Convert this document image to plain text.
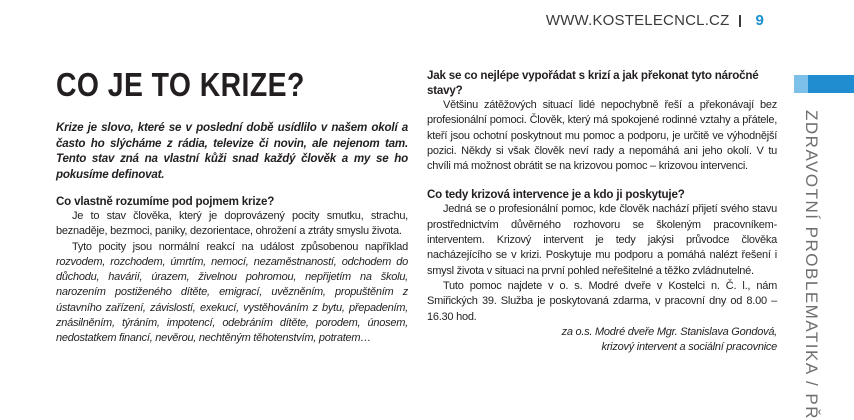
WWW.KOSTELECNCL.CZ 9
CO JE TO KRIZE?

Krize je slovo, které se v poslední době usídlilo v našem okolí a často ho slýcháme z rádia, televize či novin, ale nejenom tam. Tento stav zná na vlastní kůži snad každý člověk a my se ho pokusíme definovat.

Co vlastně rozumíme pod pojmem krize?

Je to stav člověka, který je doprovázený pocity smutku, strachu, beznaděje, bezmoci, paniky, dezorientace, ohrožení a ztráty smyslu života.

Tyto pocity jsou normální reakcí na událost způsobenou například rozvodem, rozchodem, úmrtím, nemocí, nezaměstnaností, odchodem do důchodu, havárií, úrazem, živelnou pohromou, nepřijetím na školu, narozením postiženého dítěte, emigrací, uvězněním, propuštěním z ústavního zařízení, závislostí, exekucí, vystěhováním z bytu, přepadením, znásilněním, týráním, impotencí, odebráním dítěte, porodem, únosem, nedostatkem financí, nevěrou, nechtěným těhotenstvím, potratem…

Jak se co nejlépe vypořádat s krizí a jak překonat tyto náročné stavy?

Většinu zátěžových situací lidé nepochybně řeší a překonávají bez profesionální pomoci. Člověk, který má spokojené rodinné vztahy a přátele, kteří jsou ochotní poskytnout mu pomoc a podporu, je určitě ve výhodnější pozici. Někdy si však člověk neví rady a nepomáhá ani jeho okolí. V tu chvíli má možnost obrátit se na krizovou pomoc – krizovou intervenci.

Co tedy krizová intervence je a kdo ji poskytuje?

Jedná se o profesionální pomoc, kde člověk nachází přijetí svého stavu prostřednictvím důvěrného rozhovoru se školeným pracovníkem-interventem. Krizový intervent je tedy jakýsi průvodce člověka nacházejícího se v krizi. Poskytuje mu podporu a pomáhá nalézt řešení i smysl života v situaci na první pohled neřešitelné a těžko zvládnutelné.

Tuto pomoc najdete v o. s. Modré dveře v Kostelci n. Č. l., nám Smiřických 39. Služba je poskytovaná zdarma, v pracovní dny od 8.00 – 16.30 hod.

za o.s. Modré dveře Mgr. Stanislava Gondová,
krizový intervent a sociální pracovnice ZDRAVOTNÍ PROBLEMATIKA / PŘ
